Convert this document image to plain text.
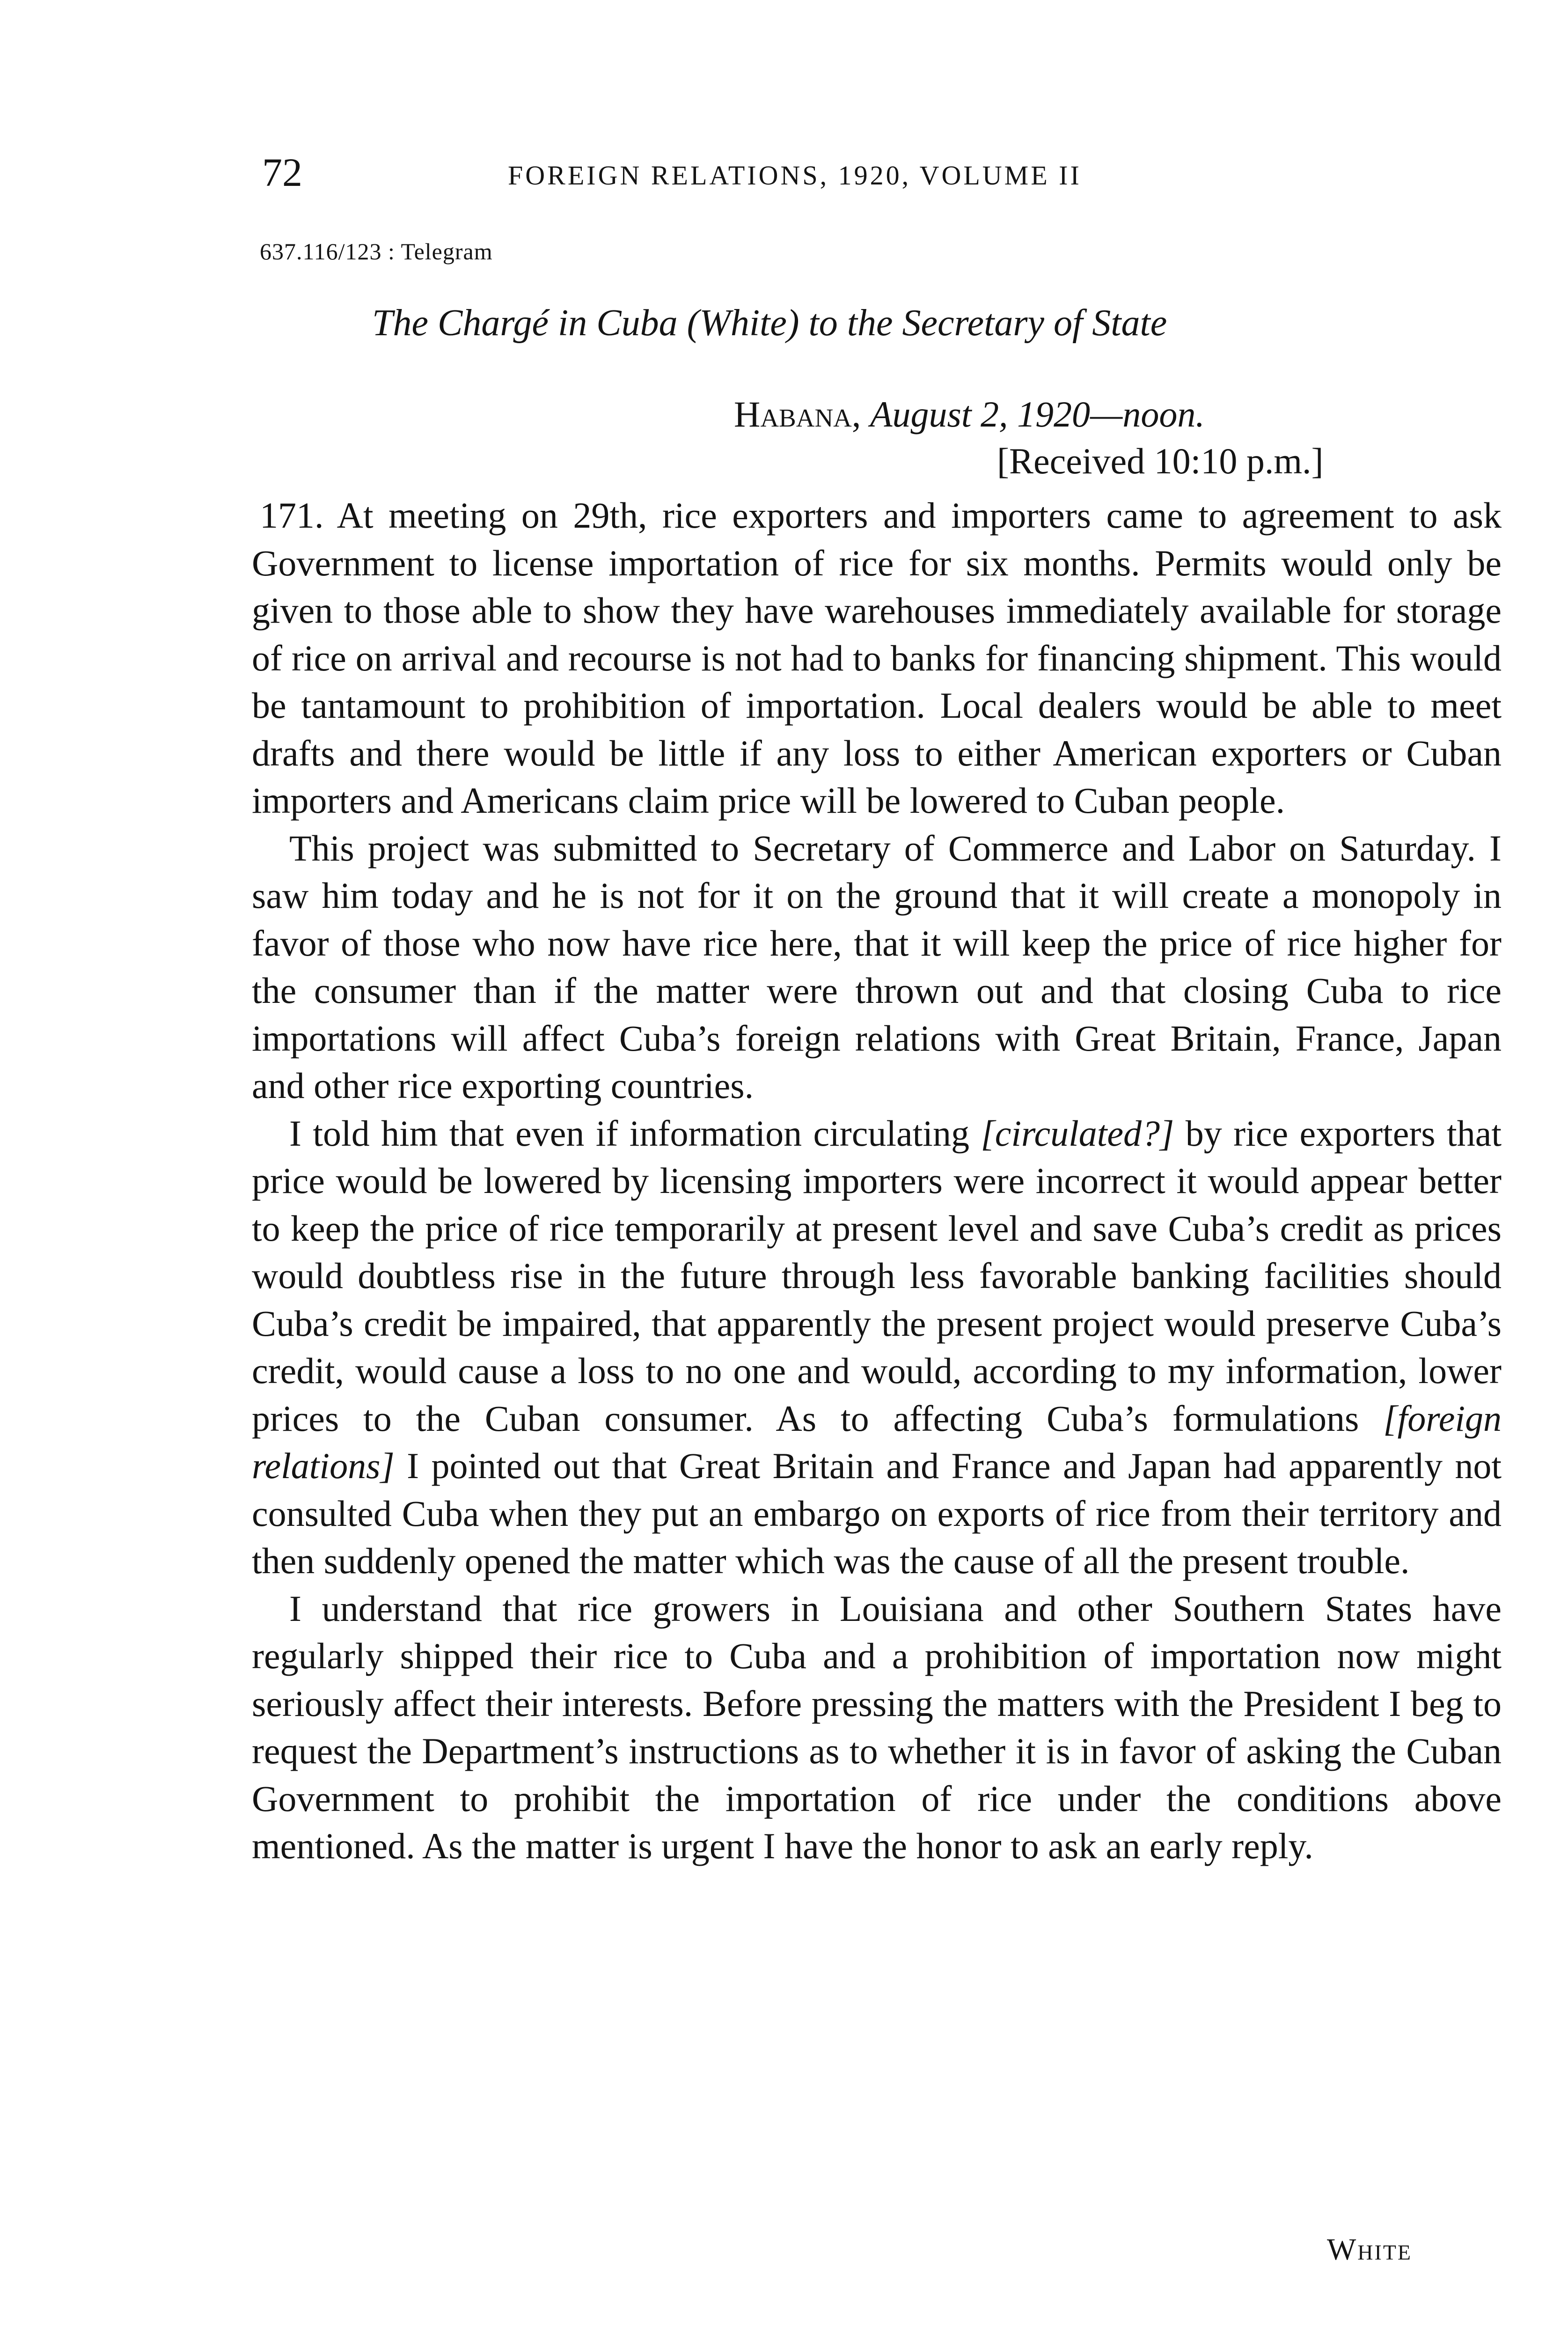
72	FOREIGN RELATIONS, 1920, VOLUME II
637.116/123 : Telegram
The Chargé in Cuba (White) to the Secretary of State
Habana, August 2, 1920—noon.
[Received 10:10 p.m.]

171. At meeting on 29th, rice exporters and importers came to agreement to ask Government to license importation of rice for six months. Permits would only be given to those able to show they have warehouses immediately available for storage of rice on arrival and recourse is not had to banks for financing shipment. This would be tantamount to prohibition of importation. Local dealers would be able to meet drafts and there would be little if any loss to either American exporters or Cuban importers and Americans claim price will be lowered to Cuban people.

This project was submitted to Secretary of Commerce and Labor on Saturday. I saw him today and he is not for it on the ground that it will create a monopoly in favor of those who now have rice here, that it will keep the price of rice higher for the consumer than if the matter were thrown out and that closing Cuba to rice importations will affect Cuba’s foreign relations with Great Britain, France, Japan and other rice exporting countries.

I told him that even if information circulating [circulated?] by rice exporters that price would be lowered by licensing importers were incorrect it would appear better to keep the price of rice temporarily at present level and save Cuba’s credit as prices would doubtless rise in the future through less favorable banking facilities should Cuba’s credit be impaired, that apparently the present project would preserve Cuba’s credit, would cause a loss to no one and would, according to my information, lower prices to the Cuban consumer. As to affecting Cuba’s formulations [foreign relations] I pointed out that Great Britain and France and Japan had apparently not consulted Cuba when they put an embargo on exports of rice from their territory and then suddenly opened the matter which was the cause of all the present trouble.

I understand that rice growers in Louisiana and other Southern States have regularly shipped their rice to Cuba and a prohibition of importation now might seriously affect their interests. Before pressing the matters with the President I beg to request the Department’s instructions as to whether it is in favor of asking the Cuban Government to prohibit the importation of rice under the conditions above mentioned. As the matter is urgent I have the honor to ask an early reply.

White
